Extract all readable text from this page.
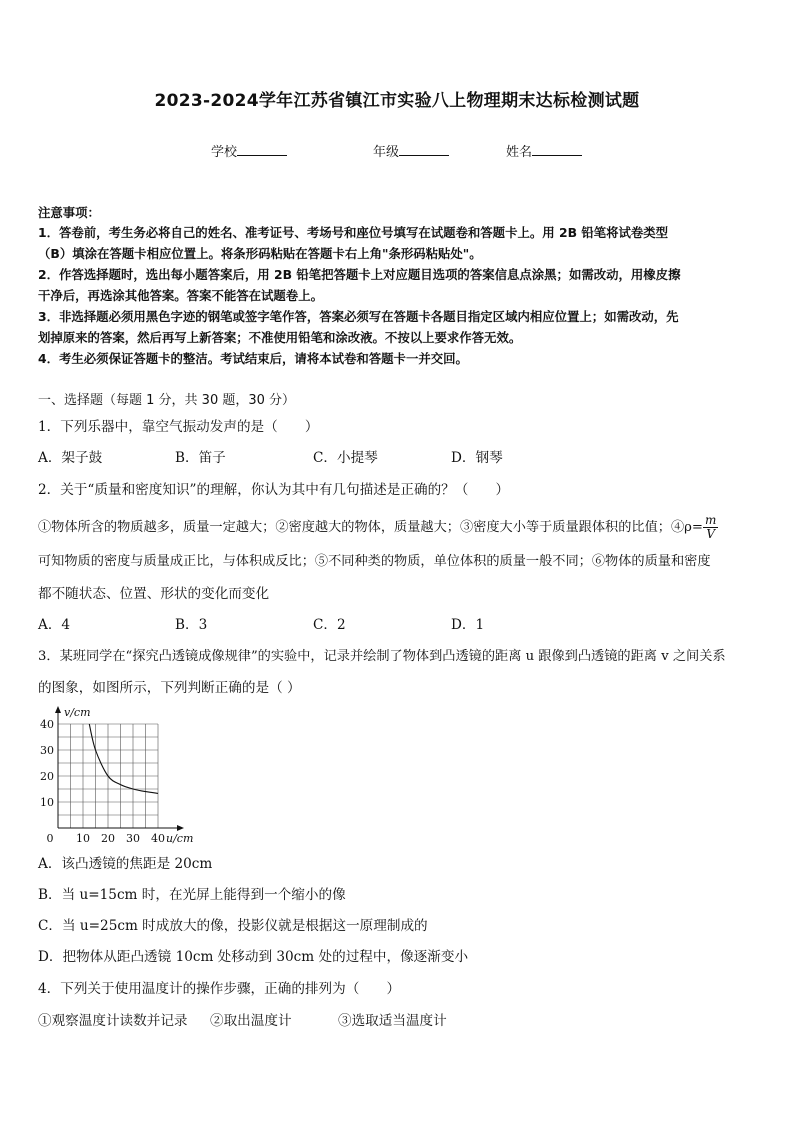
2023-2024学年江苏省镇江市实验八上物理期末达标检测试题
学校	年级	姓名
注意事项：
1．答卷前，考生务必将自己的姓名、准考证号、考场号和座位号填写在试题卷和答题卡上。用 2B 铅笔将试卷类型
（B）填涂在答题卡相应位置上。将条形码粘贴在答题卡右上角"条形码粘贴处"。
2．作答选择题时，选出每小题答案后，用 2B 铅笔把答题卡上对应题目选项的答案信息点涂黑；如需改动，用橡皮擦
干净后，再选涂其他答案。答案不能答在试题卷上。
3．非选择题必须用黑色字迹的钢笔或签字笔作答，答案必须写在答题卡各题目指定区域内相应位置上；如需改动，先
划掉原来的答案，然后再写上新答案；不准使用铅笔和涂改液。不按以上要求作答无效。
4．考生必须保证答题卡的整洁。考试结束后，请将本试卷和答题卡一并交回。
一、选择题（每题 1 分，共 30 题，30 分）
1．下列乐器中，靠空气振动发声的是（　　）
A．架子鼓	B．笛子	C．小提琴	D．钢琴
2．关于“质量和密度知识”的理解，你认为其中有几句描述是正确的？（　　）
①物体所含的物质越多，质量一定越大；②密度越大的物体，质量越大；③密度大小等于质量跟体积的比值；④ρ= $\frac{m}{V}$
可知物质的密度与质量成正比，与体积成反比；⑤不同种类的物质，单位体积的质量一般不同；⑥物体的质量和密度
都不随状态、位置、形状的变化而变化
A．4	B．3	C．2	D．1
3．某班同学在“探究凸透镜成像规律”的实验中，记录并绘制了物体到凸透镜的距离 u 跟像到凸透镜的距离 v 之间关系
的图象，如图所示，下列判断正确的是（ ）
0 10 20 30 40
10
20
30
40
u/cm
v/cm
A．该凸透镜的焦距是 20cm
B．当 u=15cm 时，在光屏上能得到一个缩小的像
C．当 u=25cm 时成放大的像，投影仪就是根据这一原理制成的
D．把物体从距凸透镜 10cm 处移动到 30cm 处的过程中，像逐渐变小
4．下列关于使用温度计的操作步骤，正确的排列为（　　）
①观察温度计读数并记录 ②取出温度计	③选取适当温度计
